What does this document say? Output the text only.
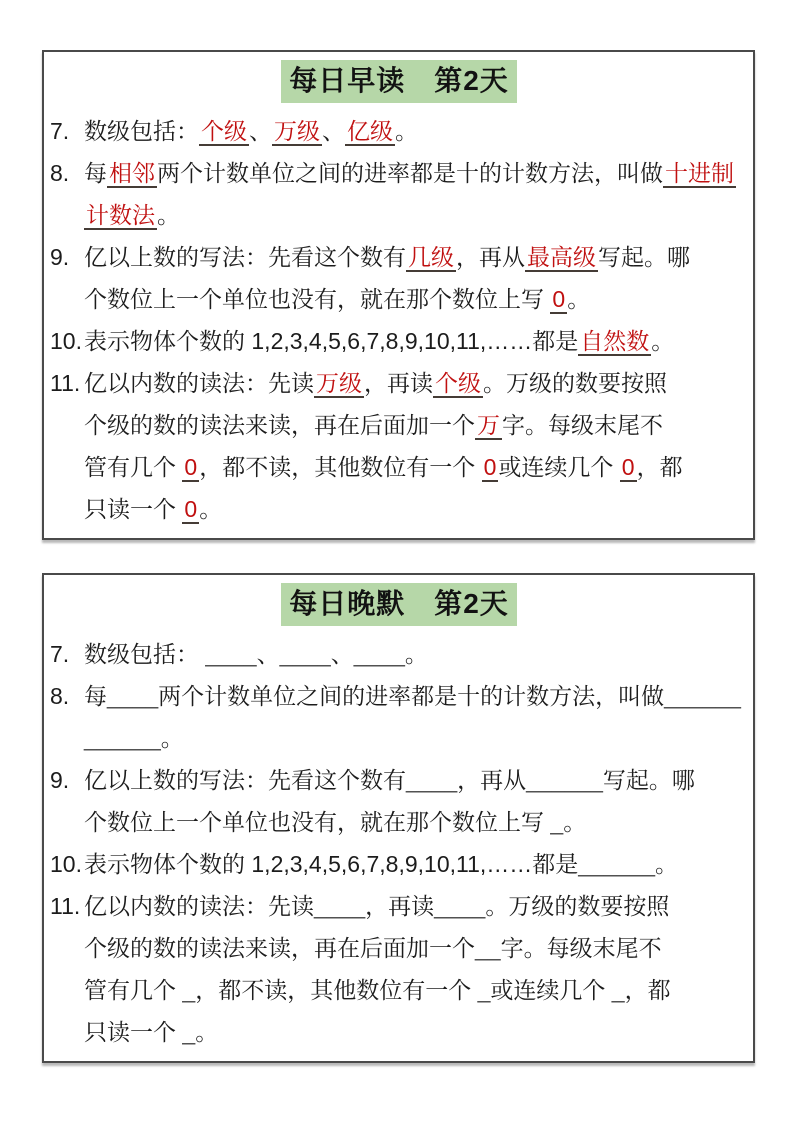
每日早读　第2天
7. 数级包括：个级、万级、亿级。
8. 每相邻两个计数单位之间的进率都是十的计数方法，叫做十进制
计数法。
9. 亿以上数的写法：先看这个数有几级，再从最高级写起。哪
个数位上一个单位也没有，就在那个数位上写 0。
10. 表示物体个数的 1,2,3,4,5,6,7,8,9,10,11,……都是自然数。
11. 亿以内数的读法：先读万级，再读个级。万级的数要按照
个级的数的读法来读，再在后面加一个万字。每级末尾不
管有几个 0，都不读，其他数位有一个 0或连续几个 0，都
只读一个 0。
每日晚默　第2天
7. 数级包括： ____、____、____。
8. 每____两个计数单位之间的进率都是十的计数方法，叫做______
______。
9. 亿以上数的写法：先看这个数有____，再从______写起。哪
个数位上一个单位也没有，就在那个数位上写 _。
10. 表示物体个数的 1,2,3,4,5,6,7,8,9,10,11,……都是______。
11. 亿以内数的读法：先读____，再读____。万级的数要按照
个级的数的读法来读，再在后面加一个__字。每级末尾不
管有几个 _，都不读，其他数位有一个 _或连续几个 _，都
只读一个 _。
